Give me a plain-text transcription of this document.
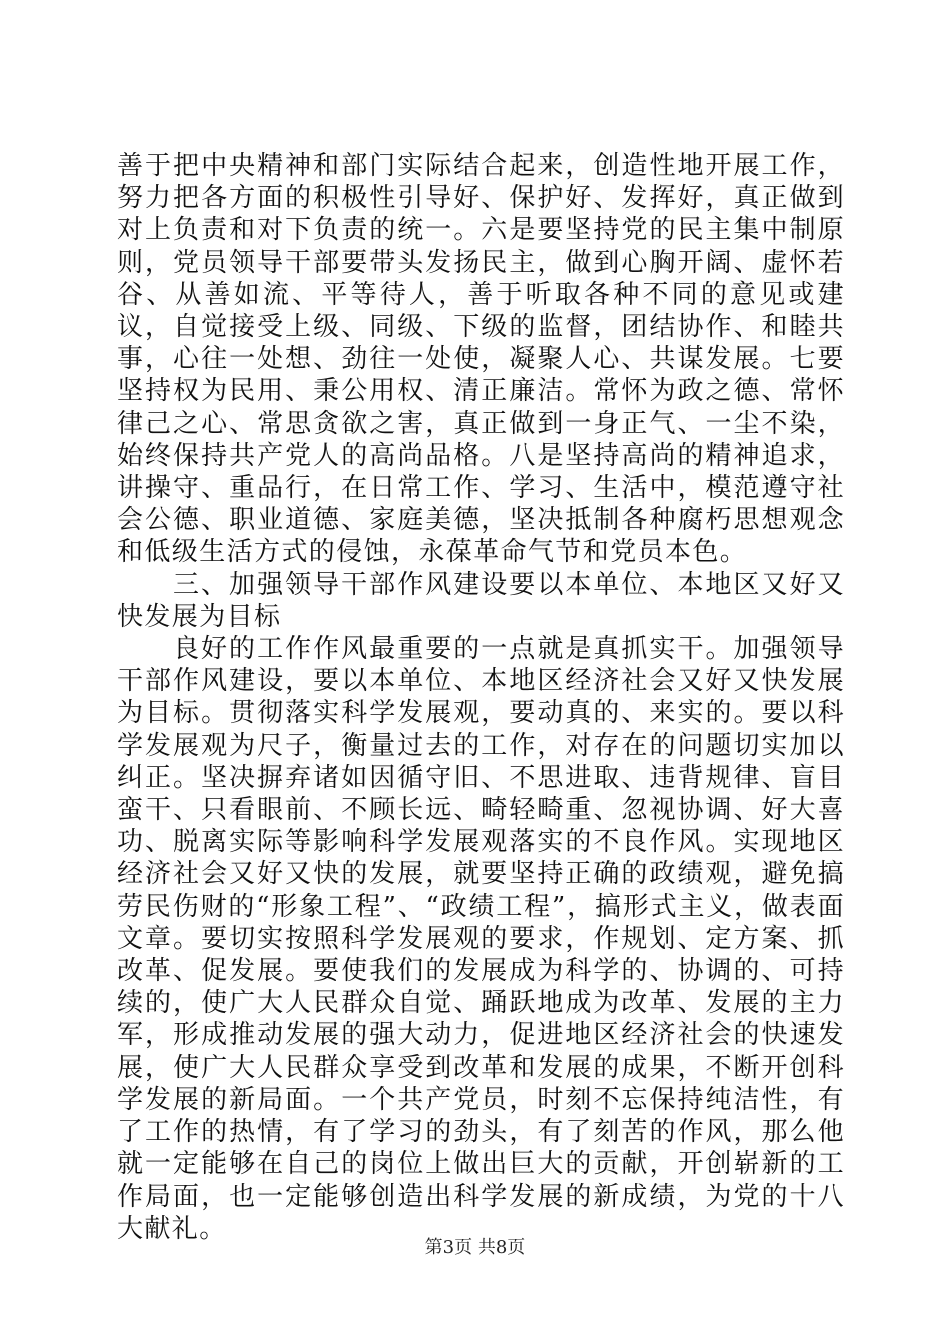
善于把中央精神和部门实际结合起来，创造性地开展工作，努力把各方面的积极性引导好、保护好、发挥好，真正做到对上负责和对下负责的统一。六是要坚持党的民主集中制原则，党员领导干部要带头发扬民主，做到心胸开阔、虚怀若谷、从善如流、平等待人，善于听取各种不同的意见或建议，自觉接受上级、同级、下级的监督，团结协作、和睦共事，心往一处想、劲往一处使，凝聚人心、共谋发展。七要坚持权为民用、秉公用权、清正廉洁。常怀为政之德、常怀律己之心、常思贪欲之害，真正做到一身正气、一尘不染，始终保持共产党人的高尚品格。八是坚持高尚的精神追求，讲操守、重品行，在日常工作、学习、生活中，模范遵守社会公德、职业道德、家庭美德，坚决抵制各种腐朽思想观念和低级生活方式的侵蚀，永葆革命气节和党员本色。

三、加强领导干部作风建设要以本单位、本地区又好又快发展为目标

良好的工作作风最重要的一点就是真抓实干。加强领导干部作风建设，要以本单位、本地区经济社会又好又快发展为目标。贯彻落实科学发展观，要动真的、来实的。要以科学发展观为尺子，衡量过去的工作，对存在的问题切实加以纠正。坚决摒弃诸如因循守旧、不思进取、违背规律、盲目蛮干、只看眼前、不顾长远、畸轻畸重、忽视协调、好大喜功、脱离实际等影响科学发展观落实的不良作风。实现地区经济社会又好又快的发展，就要坚持正确的政绩观，避免搞劳民伤财的“形象工程”、“政绩工程”，搞形式主义，做表面文章。要切实按照科学发展观的要求，作规划、定方案、抓改革、促发展。要使我们的发展成为科学的、协调的、可持续的，使广大人民群众自觉、踊跃地成为改革、发展的主力军，形成推动发展的强大动力，促进地区经济社会的快速发展，使广大人民群众享受到改革和发展的成果，不断开创科学发展的新局面。一个共产党员，时刻不忘保持纯洁性，有了工作的热情，有了学习的劲头，有了刻苦的作风，那么他就一定能够在自己的岗位上做出巨大的贡献，开创崭新的工作局面，也一定能够创造出科学发展的新成绩，为党的十八大献礼。

第3页 共8页
